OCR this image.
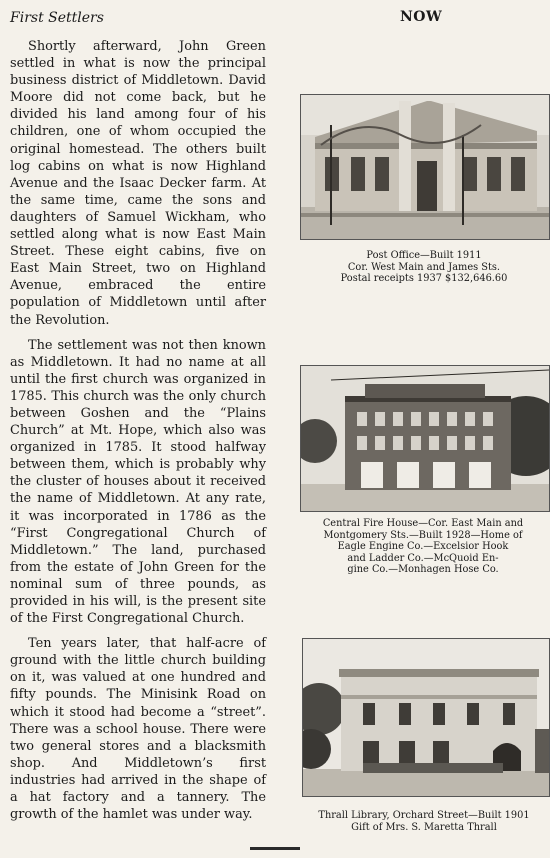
First Settlers	NOW

Shortly afterward, John Green settled in what is now the principal business district of Middletown. David Moore did not come back, but he divided his land among four of his children, one of whom occupied the original homestead. The others built log cabins on what is now Highland Avenue and the Isaac Decker farm. At the same time, came the sons and daughters of Samuel Wickham, who settled along what is now East Main Street. These eight cabins, five on East Main Street, two on Highland Avenue, embraced the entire population of Middletown until after the Revolution.

The settlement was not then known as Middletown. It had no name at all until the first church was organized in 1785. This church was the only church between Goshen and the “Plains Church” at Mt. Hope, which also was organized in 1785. It stood halfway between them, which is probably why the cluster of houses about it received the name of Middletown. At any rate, it was incorporated in 1786 as the “First Congregational Church of Middletown.” The land, purchased from the estate of John Green for the nominal sum of three pounds, as provided in his will, is the present site of the First Congregational Church.

Ten years later, that half-acre of ground with the little church building on it, was valued at one hundred and fifty pounds. The Minisink Road on which it stood had become a “street”. There was a school house. There were two general stores and a blacksmith shop. And Middletown’s first industries had arrived in the shape of a hat factory and a tannery. The growth of the hamlet was under way.

Post Office—Built 1911
Cor. West Main and James Sts.
Postal receipts 1937 $132,646.60
Central Fire House—Cor. East Main and
Montgomery Sts.—Built 1928—Home of
Eagle Engine Co.—Excelsior Hook
and Ladder Co.—McQuoid En-
gine Co.—Monhagen Hose Co.
Thrall Library, Orchard Street—Built 1901
Gift of Mrs. S. Maretta Thrall
